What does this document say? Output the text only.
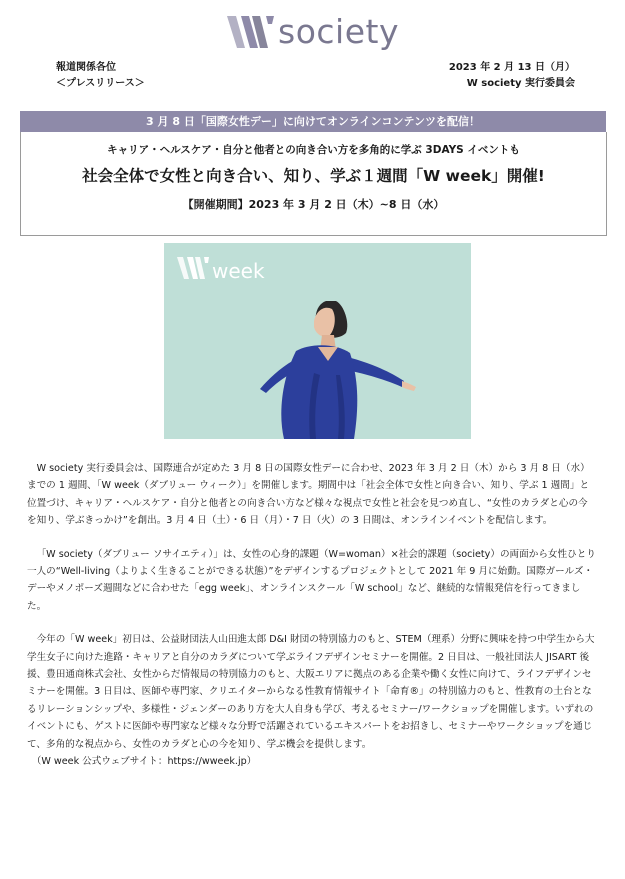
society
報道関係各位
＜プレスリリース＞
2023 年 2 月 13 日（月）
W society 実行委員会
3 月 8 日「国際女性デー」に向けてオンラインコンテンツを配信！
キャリア・ヘルスケア・自分と他者との向き合い方を多角的に学ぶ 3DAYS イベントも
社会全体で女性と向き合い、知り、学ぶ１週間「W week」開催!
【開催期間】2023 年 3 月 2 日（木）~8 日（水）
week

W society 実行委員会は、国際連合が定めた 3 月 8 日の国際女性デーに合わせ、2023 年 3 月 2 日（木）から 3 月 8 日（水）までの 1 週間、「W week（ダブリュー ウィーク）」を開催します。期間中は「社会全体で女性と向き合い、知り、学ぶ 1 週間」と位置づけ、キャリア・ヘルスケア・自分と他者との向き合い方など様々な視点で女性と社会を見つめ直し、“女性のカラダと心の今を知り、学ぶきっかけ”を創出。3 月 4 日（土）・6 日（月）・7 日（火）の 3 日間は、オンラインイベントを配信します。

「W society（ダブリュー ソサイエティ）」は、女性の心身的課題（W=woman）×社会的課題（society）の両面から女性ひとり一人の“Well-living（よりよく生きることができる状態）”をデザインするプロジェクトとして 2021 年 9 月に始動。国際ガールズ・デーやメノポーズ週間などに合わせた「egg week」、オンラインスクール「W school」など、継続的な情報発信を行ってきました。

今年の「W week」初日は、公益財団法人山田進太郎 D&I 財団の特別協力のもと、STEM（理系）分野に興味を持つ中学生から大学生女子に向けた進路・キャリアと自分のカラダについて学ぶライフデザインセミナーを開催。2 日目は、一般社団法人 JISART 後援、豊田通商株式会社、女性からだ情報局の特別協力のもと、大阪エリアに拠点のある企業や働く女性に向けて、ライフデザインセミナーを開催。3 日目は、医師や専門家、クリエイターからなる性教育情報サイト「命育®」の特別協力のもと、性教育の土台となるリレーションシップや、多様性・ジェンダーのあり方を大人自身も学び、考えるセミナー/ワークショップを開催します。いずれのイベントにも、ゲストに医師や専門家など様々な分野で活躍されているエキスパートをお招きし、セミナーやワークショップを通じて、多角的な視点から、女性のカラダと心の今を知り、学ぶ機会を提供します。

（W week 公式ウェブサイト：https://wweek.jp）
